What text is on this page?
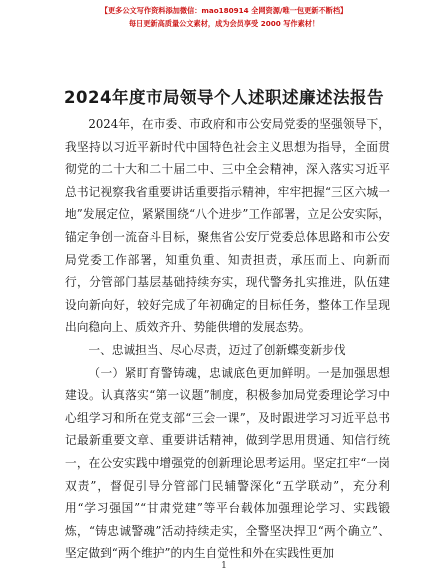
【更多公文写作资料添加微信：mao180914 全网资源/唯一包更新不断档】
每日更新高质量公文素材，成为会员享受 2000 写作素材！
2024年度市局领导个人述职述廉述法报告

2024年，在市委、市政府和市公安局党委的坚强领导下，我坚持以习近平新时代中国特色社会主义思想为指导，全面贯彻党的二十大和二十届二中、三中全会精神，深入落实习近平总书记视察我省重要讲话重要指示精神，牢牢把握“三区六城一地”发展定位，紧紧围绕“八个进步”工作部署，立足公安实际，锚定争创一流奋斗目标，聚焦省公安厅党委总体思路和市公安局党委工作部署，知重负重、知责担责，承压而上、向新而行，分管部门基层基础持续夯实，现代警务扎实推进，队伍建设向新向好，较好完成了年初确定的目标任务，整体工作呈现出向稳向上、质效齐升、势能供增的发展态势。

一、忠诚担当、尽心尽责，迈过了创新蝶变新步伐

（一）紧盯育警铸魂，忠诚底色更加鲜明。一是加强思想建设。认真落实“第一议题”制度，积极参加局党委理论学习中心组学习和所在党支部“三会一课”，及时跟进学习习近平总书记最新重要文章、重要讲话精神，做到学思用贯通、知信行统一，在公安实践中增强党的创新理论思考运用。坚定扛牢“一岗双责”，督促引导分管部门民辅警深化“五学联动”，充分利用“学习强国”“甘肃党建”等平台载体加强理论学习、实践锻炼，“铸忠诚警魂”活动持续走实，全警坚决捍卫“两个确立”、坚定做到“两个维护”的内生自觉性和外在实践性更加

1
